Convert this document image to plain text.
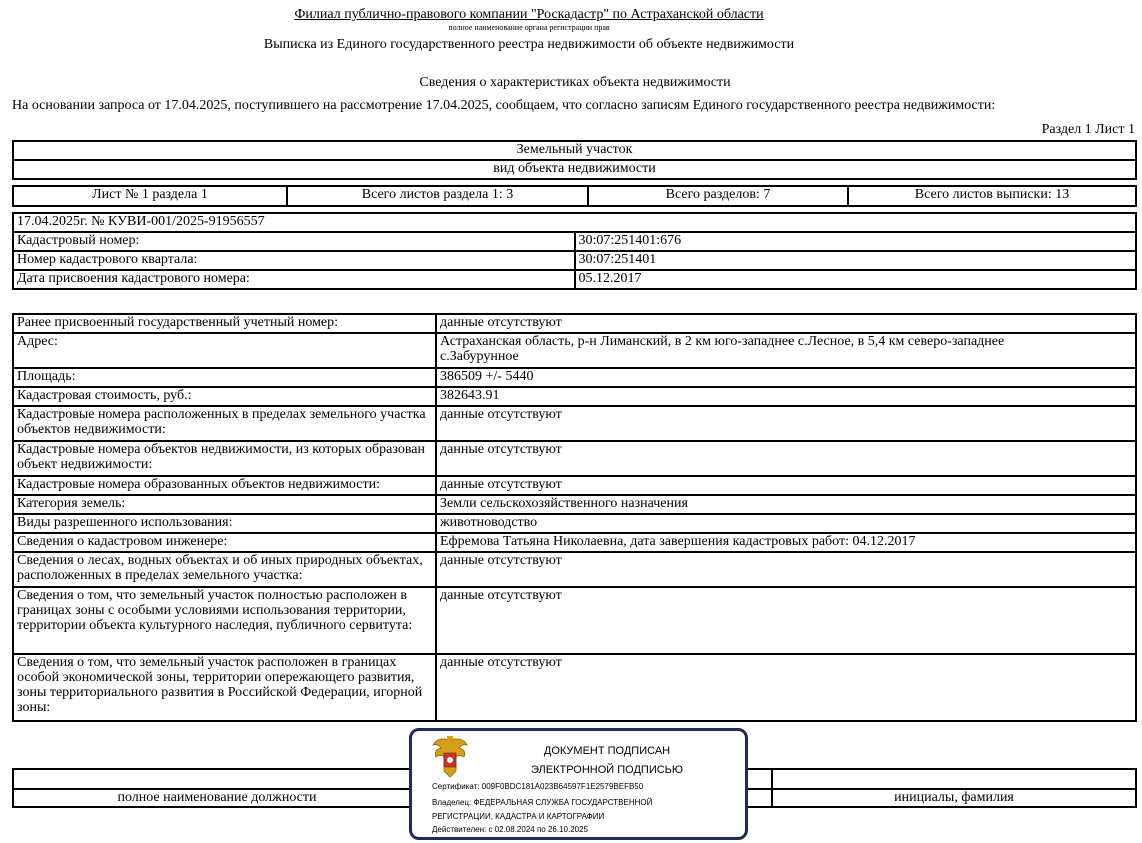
Филиал публично-правового компании "Роскадастр" по Астраханской области
полное наименование органа регистрации прав
Выписка из Единого государственного реестра недвижимости об объекте недвижимости
Сведения о характеристиках объекта недвижимости
На основании запроса от 17.04.2025, поступившего на рассмотрение 17.04.2025, сообщаем, что согласно записям Единого государственного реестра недвижимости:
Раздел 1 Лист 1
Земельный участок
вид объекта недвижимости
Лист № 1 раздела 1	Всего листов раздела 1: 3	Всего разделов: 7	Всего листов выписки: 13
17.04.2025г. № КУВИ-001/2025-91956557	
Кадастровый номер:	30:07:251401:676
Номер кадастрового квартала:	30:07:251401
Дата присвоения кадастрового номера:	05.12.2017
Ранее присвоенный государственный учетный номер:	данные отсутствуют
Адрес:	Астраханская область, р-н Лиманский, в 2 км юго-западнее с.Лесное, в 5,4 км северо-западнее с.Забурунное
Площадь:	386509 +/- 5440
Кадастровая стоимость, руб.:	382643.91
Кадастровые номера расположенных в пределах земельного участка объектов недвижимости:	данные отсутствуют
Кадастровые номера объектов недвижимости, из которых образован объект недвижимости:	данные отсутствуют
Кадастровые номера образованных объектов недвижимости:	данные отсутствуют
Категория земель:	Земли сельскохозяйственного назначения
Виды разрешенного использования:	животноводство
Сведения о кадастровом инженере:	Ефремова Татьяна Николаевна, дата завершения кадастровых работ: 04.12.2017
Сведения о лесах, водных объектах и об иных природных объектах, расположенных в пределах земельного участка:	данные отсутствуют
Сведения о том, что земельный участок полностью расположен в границах зоны с особыми условиями использования территории, территории объекта культурного наследия, публичного сервитута:	данные отсутствуют
Сведения о том, что земельный участок расположен в границах особой экономической зоны, территории опережающего развития, зоны территориального развития в Российской Федерации, игорной зоны:	данные отсутствуют

полное наименование должности		инициалы, фамилия
ДОКУМЕНТ ПОДПИСАН
ЭЛЕКТРОННОЙ ПОДПИСЬЮ
Сертификат: 009F0BDC181A023B64597F1E2579BEFB50
Владелец: ФЕДЕРАЛЬНАЯ СЛУЖБА ГОСУДАРСТВЕННОЙ
РЕГИСТРАЦИИ, КАДАСТРА И КАРТОГРАФИИ
Действителен: с 02.08.2024 по 26.10.2025
